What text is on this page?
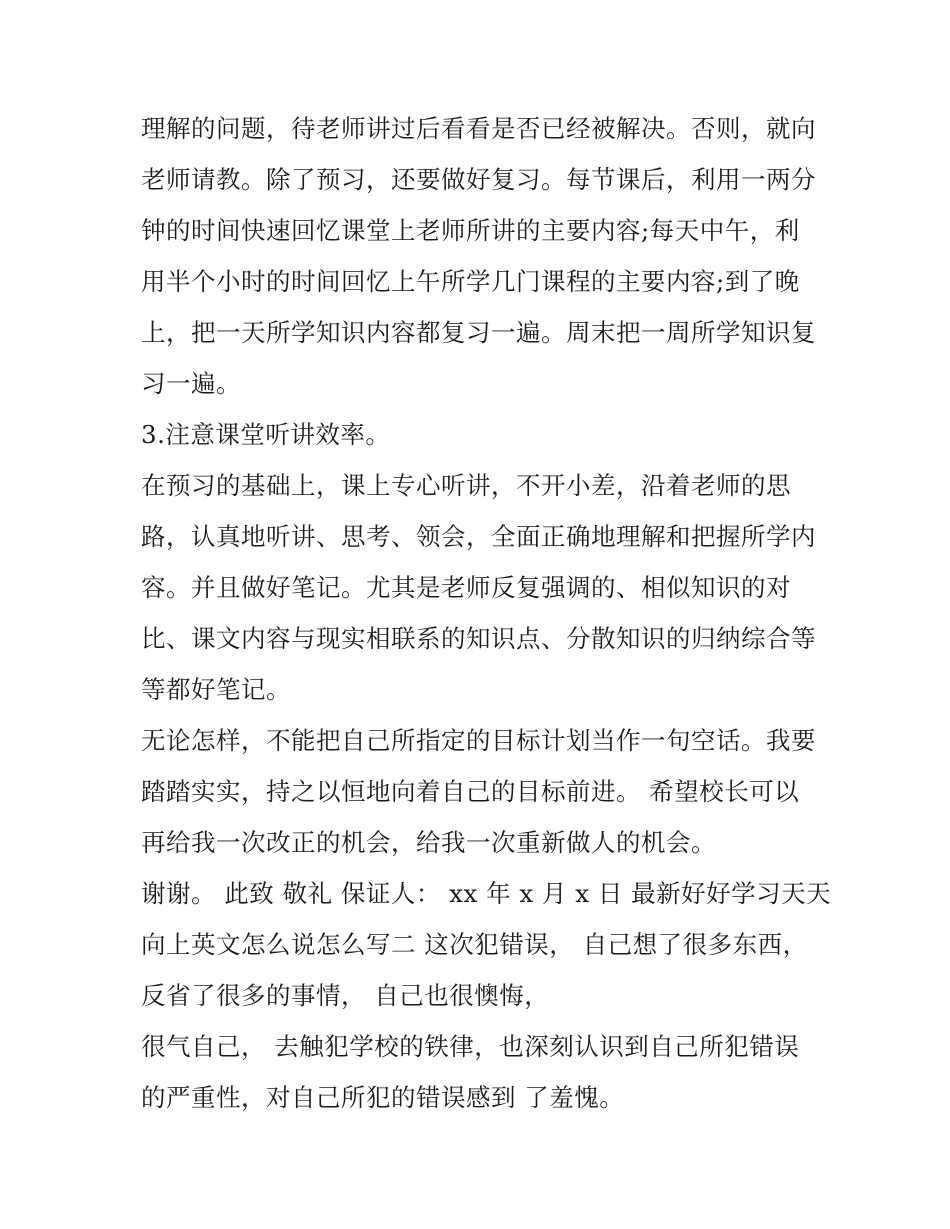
理解的问题，待老师讲过后看看是否已经被解决。否则，就向
老师请教。除了预习，还要做好复习。每节课后，利用一两分
钟的时间快速回忆课堂上老师所讲的主要内容;每天中午，利
用半个小时的时间回忆上午所学几门课程的主要内容;到了晚
上，把一天所学知识内容都复习一遍。周末把一周所学知识复
习一遍。
3.注意课堂听讲效率。
在预习的基础上，课上专心听讲，不开小差，沿着老师的思
路，认真地听讲、思考、领会，全面正确地理解和把握所学内
容。并且做好笔记。尤其是老师反复强调的、相似知识的对
比、课文内容与现实相联系的知识点、分散知识的归纳综合等
等都好笔记。
无论怎样，不能把自己所指定的目标计划当作一句空话。我要
踏踏实实，持之以恒地向着自己的目标前进。 希望校长可以
再给我一次改正的机会，给我一次重新做人的机会。
谢谢。 此致 敬礼 保证人： xx 年 x 月 x 日 最新好好学习天天
向上英文怎么说怎么写二 这次犯错误， 自己想了很多东西，
反省了很多的事情， 自己也很懊悔，
很气自己， 去触犯学校的铁律，也深刻认识到自己所犯错误
的严重性，对自己所犯的错误感到 了羞愧。
